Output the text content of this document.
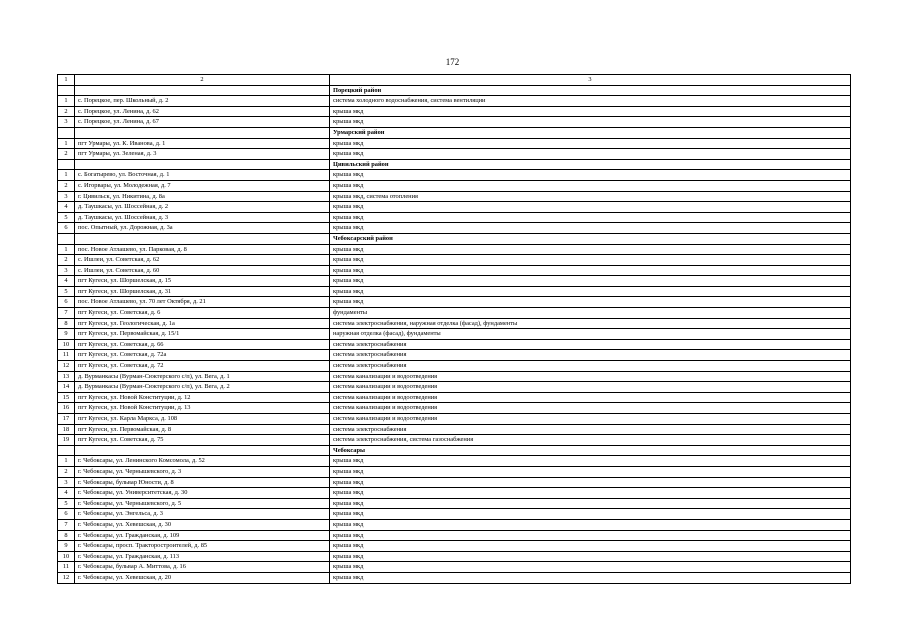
172
1	2	3
		Порецкий район
1	с. Порецкое, пер. Школьный, д. 2	система холодного водоснабжения, система вентиляции
2	с. Порецкое, ул. Ленина, д. 62	крыша мкд
3	с. Порецкое, ул. Ленина, д. 67	крыша мкд
		Урмарский район
1	пгт Урмары, ул. К. Иванова, д. 1	крыша мкд
2	пгт Урмары, ул. Зеленая, д. 3	крыша мкд
		Цивильский район
1	с. Богатырево, ул. Восточная, д. 1	крыша мкд
2	с. Игорвары, ул. Молодежная, д. 7	крыша мкд
3	г. Цивильск, ул. Никитина, д. 8а	крыша мкд, система отопления
4	д. Таушкасы, ул. Шоссейная, д. 2	крыша мкд
5	д. Таушкасы, ул. Шоссейная, д. 3	крыша мкд
6	пос. Опытный, ул. Дорожная, д. 3а	крыша мкд
		Чебоксарский район
1	пос. Новое Атлашево, ул. Парковая, д. 8	крыша мкд
2	с. Ишлеи, ул. Советская, д. 62	крыша мкд
3	с. Ишлеи, ул. Советская, д. 60	крыша мкд
4	пгт Кугеси, ул. Шоршелская, д. 15	крыша мкд
5	пгт Кугеси, ул. Шоршелская, д. 31	крыша мкд
6	пос. Новое Атлашево, ул. 70 лет Октября, д. 21	крыша мкд
7	пгт Кугеси, ул. Советская, д. 6	фундаменты
8	пгт Кугеси, ул. Геологическая, д. 1а	система электроснабжения, наружная отделка (фасад), фундаменты
9	пгт Кугеси, ул. Первомайская, д. 15/1	наружная отделка (фасад), фундаменты
10	пгт Кугеси, ул. Советская, д. 66	система электроснабжения
11	пгт Кугеси, ул. Советская, д. 72а	система электроснабжения
12	пгт Кугеси, ул. Советская, д. 72	система электроснабжения
13	д. Вурманкасы (Вурман-Сюктерского с/п), ул. Вега, д. 1	система канализации и водоотведения
14	д. Вурманкасы (Вурман-Сюктерского с/п), ул. Вега, д. 2	система канализации и водоотведения
15	пгт Кугеси, ул. Новой Конституции, д. 12	система канализации и водоотведения
16	пгт Кугеси, ул. Новой Конституции, д. 13	система канализации и водоотведения
17	пгт Кугеси, ул. Карла Маркса, д. 108	система канализации и водоотведения
18	пгт Кугеси, ул. Первомайская, д. 8	система электроснабжения
19	пгт Кугеси, ул. Советская, д. 75	система электроснабжения, система газоснабжения
		Чебоксары
1	г. Чебоксары, ул. Ленинского Комсомола, д. 52	крыша мкд
2	г. Чебоксары, ул. Чернышевского, д. 3	крыша мкд
3	г. Чебоксары, бульвар Юности, д. 8	крыша мкд
4	г. Чебоксары, ул. Университетская, д. 30	крыша мкд
5	г. Чебоксары, ул. Чернышевского, д. 5	крыша мкд
6	г. Чебоксары, ул. Энгельса, д. 3	крыша мкд
7	г. Чебоксары, ул. Хевешская, д. 30	крыша мкд
8	г. Чебоксары, ул. Гражданская, д. 109	крыша мкд
9	г. Чебоксары, просп. Тракторостроителей, д. 85	крыша мкд
10	г. Чебоксары, ул. Гражданская, д. 113	крыша мкд
11	г. Чебоксары, бульвар А. Миттова, д. 16	крыша мкд
12	г. Чебоксары, ул. Хевешская, д. 20	крыша мкд
